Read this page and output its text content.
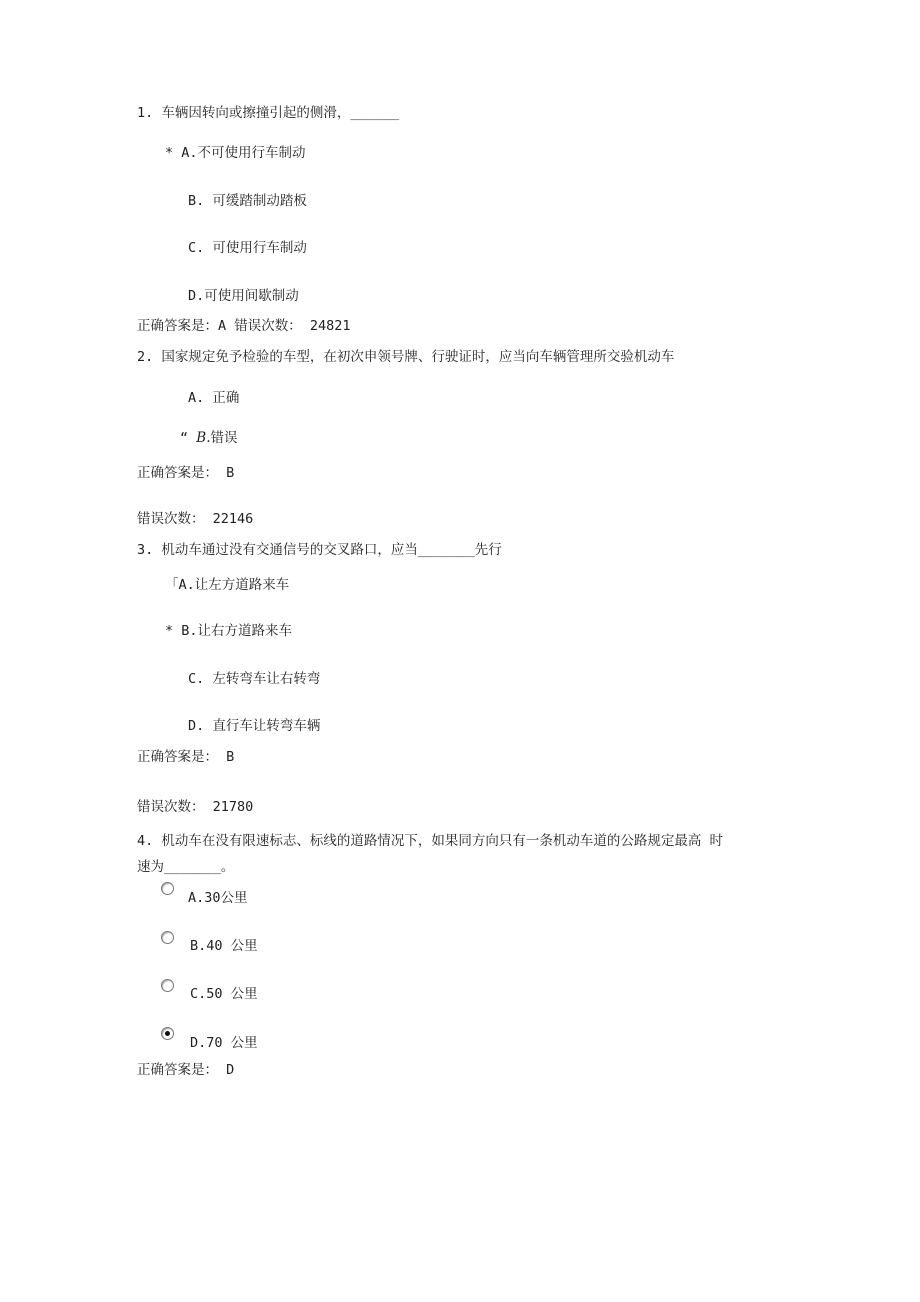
1. 车辆因转向或擦撞引起的侧滑，______
* A.不可使用行车制动
B. 可缓踏制动踏板
C. 可使用行车制动
D.可使用间歇制动
正确答案是：A 错误次数： 24821
2. 国家规定免予检验的车型，在初次申领号牌、行驶证时，应当向车辆管理所交验机动车
A. 正确
“ B.错误
正确答案是： B
错误次数： 22146
3. 机动车通过没有交通信号的交叉路口，应当_______先行
「A.让左方道路来车
* B.让右方道路来车
C. 左转弯车让右转弯
D. 直行车让转弯车辆
正确答案是： B
错误次数： 21780
4. 机动车在没有限速标志、标线的道路情况下，如果同方向只有一条机动车道的公路规定最高 时
速为_______。
A.30公里
B.40 公里
C.50 公里
D.70 公里
正确答案是： D
